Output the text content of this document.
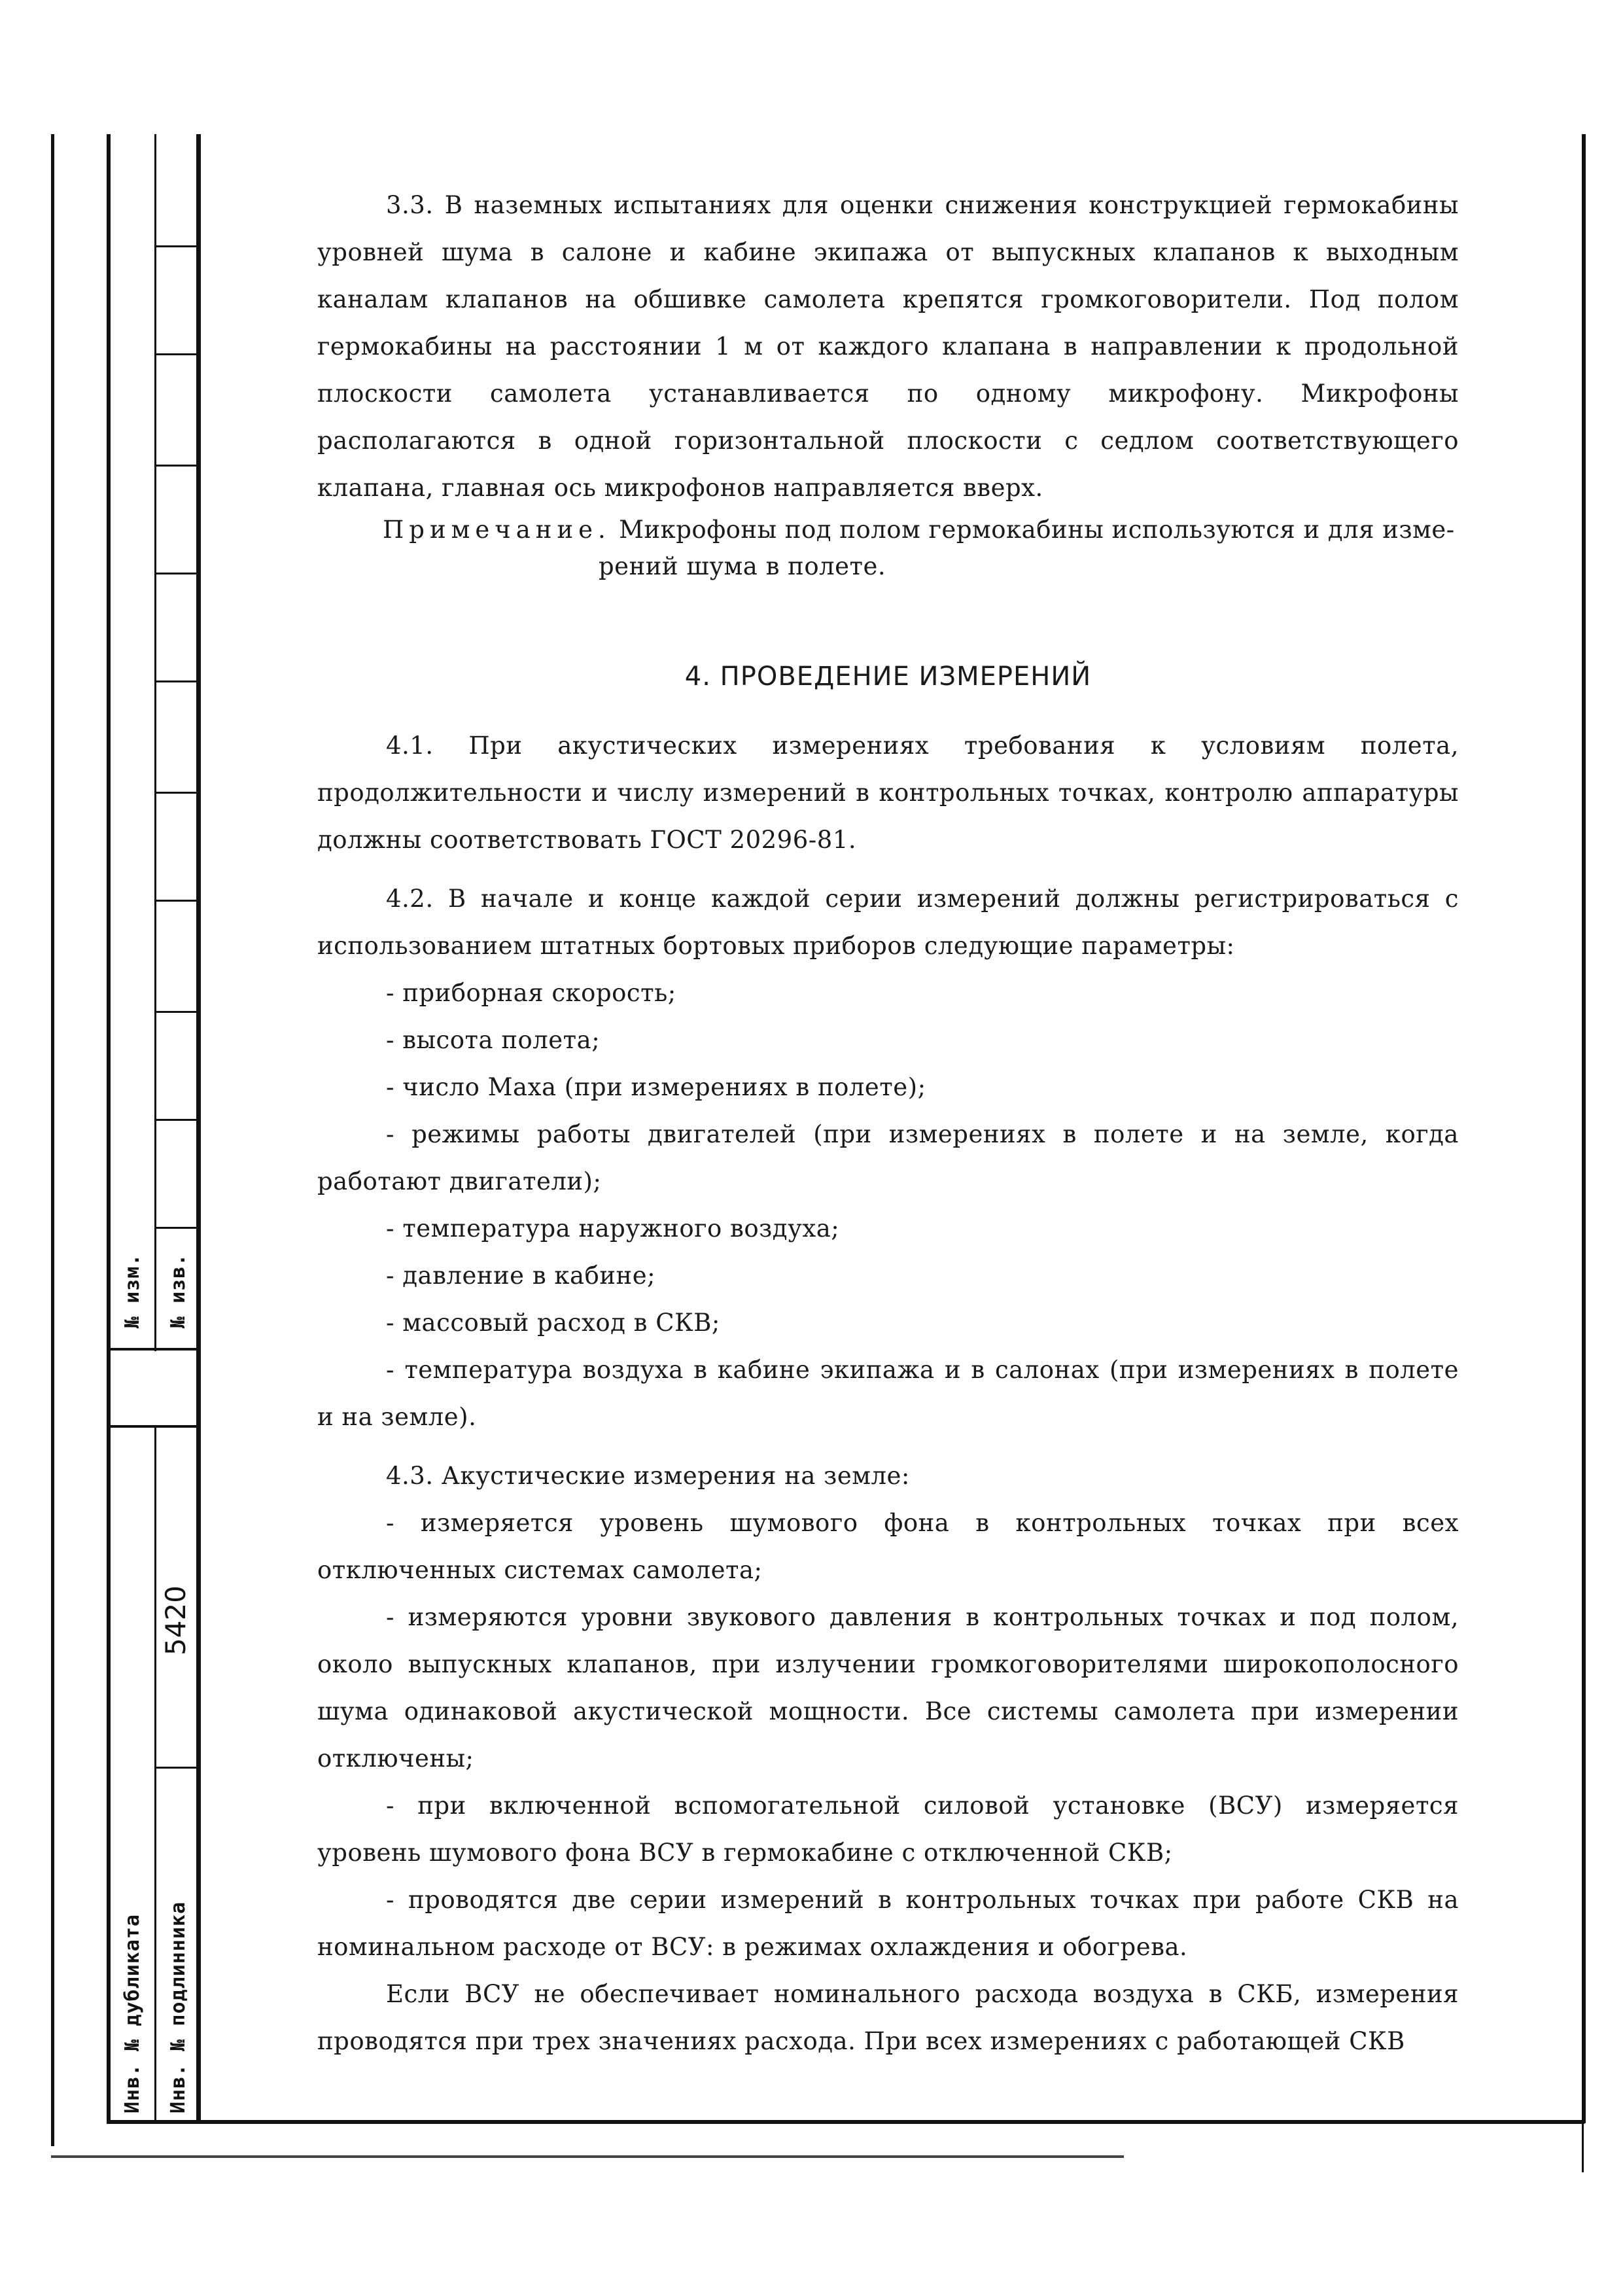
№ изм. № изв.
5420
Инв. № дубликата Инв. № подлинника

3.3. В наземных испытаниях для оценки снижения конструкцией гермокабины уровней шума в салоне и кабине экипажа от выпускных клапанов к выходным каналам клапанов на обшивке самолета крепятся громкоговорители. Под полом гермокабины на расстоянии 1 м от каждого клапана в направлении к продольной плоскости самолета устанавливается по одному микрофону. Микрофоны располагаются в одной горизонтальной плоскости с седлом соответствующего клапана, главная ось микрофонов направляется вверх.

Примечание. Микрофоны под полом гермокабины используются и для изме-
рений шума в полете.

4. ПРОВЕДЕНИЕ ИЗМЕРЕНИЙ

4.1. При акустических измерениях требования к условиям полета, продолжительности и числу измерений в контрольных точках, контролю аппаратуры должны соответствовать ГОСТ 20296-81.

4.2. В начале и конце каждой серии измерений должны регистрироваться с использованием штатных бортовых приборов следующие параметры:

- приборная скорость;

- высота полета;

- число Маха (при измерениях в полете);

- режимы работы двигателей (при измерениях в полете и на земле, когда работают двигатели);

- температура наружного воздуха;

- давление в кабине;

- массовый расход в СКВ;

- температура воздуха в кабине экипажа и в салонах (при измерениях в полете и на земле).

4.3. Акустические измерения на земле:

- измеряется уровень шумового фона в контрольных точках при всех отключенных системах самолета;

- измеряются уровни звукового давления в контрольных точках и под полом, около выпускных клапанов, при излучении громкоговорителями широкополосного шума одинаковой акустической мощности. Все системы самолета при измерении отключены;

- при включенной вспомогательной силовой установке (ВСУ) измеряется уровень шумового фона ВСУ в гермокабине с отключенной СКВ;

- проводятся две серии измерений в контрольных точках при работе СКВ на номинальном расходе от ВСУ: в режимах охлаждения и обогрева.

Если ВСУ не обеспечивает номинального расхода воздуха в СКБ, измерения проводятся при трех значениях расхода. При всех измерениях с работающей СКВ
